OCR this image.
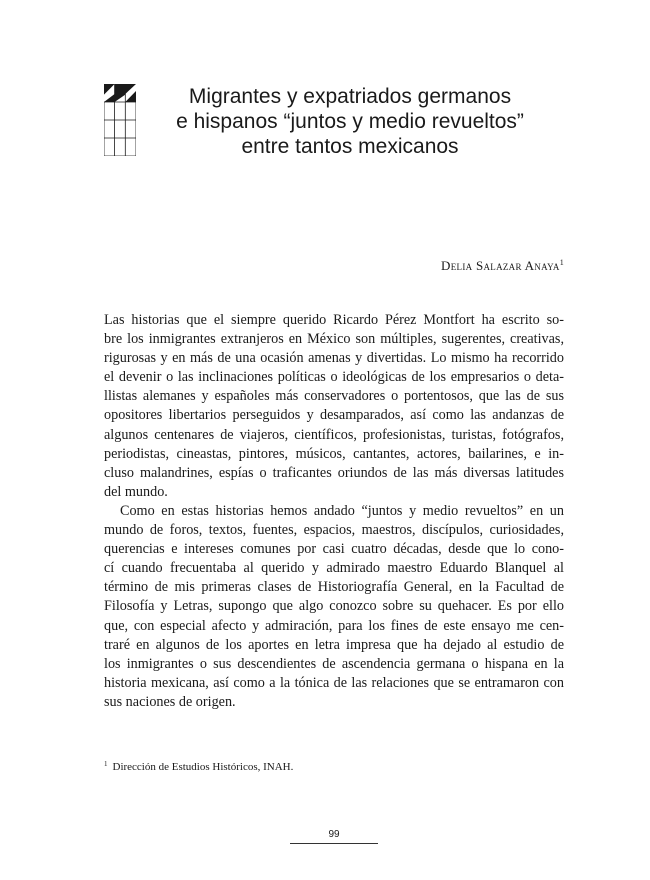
Migrantes y expatriados germanos
e hispanos “juntos y medio revueltos”
entre tantos mexicanos
Delia Salazar Anaya$^1$
Las historias que el siempre querido Ricardo Pérez Montfort ha escrito so-
bre los inmigrantes extranjeros en México son múltiples, sugerentes, creativas,
rigurosas y en más de una ocasión amenas y divertidas. Lo mismo ha recorrido
el devenir o las inclinaciones políticas o ideológicas de los empresarios o deta-
llistas alemanes y españoles más conservadores o portentosos, que las de sus
opositores libertarios perseguidos y desamparados, así como las andanzas de
algunos centenares de viajeros, científicos, profesionistas, turistas, fotógrafos,
periodistas, cineastas, pintores, músicos, cantantes, actores, bailarines, e in-
cluso malandrines, espías o traficantes oriundos de las más diversas latitudes
del mundo.
Como en estas historias hemos andado “juntos y medio revueltos” en un
mundo de foros, textos, fuentes, espacios, maestros, discípulos, curiosidades,
querencias e intereses comunes por casi cuatro décadas, desde que lo cono-
cí cuando frecuentaba al querido y admirado maestro Eduardo Blanquel al
término de mis primeras clases de Historiografía General, en la Facultad de
Filosofía y Letras, supongo que algo conozco sobre su quehacer. Es por ello
que, con especial afecto y admiración, para los fines de este ensayo me cen-
traré en algunos de los aportes en letra impresa que ha dejado al estudio de
los inmigrantes o sus descendientes de ascendencia germana o hispana en la
historia mexicana, así como a la tónica de las relaciones que se entramaron con
sus naciones de origen.
$^1$ Dirección de Estudios Históricos, INAH.
99
